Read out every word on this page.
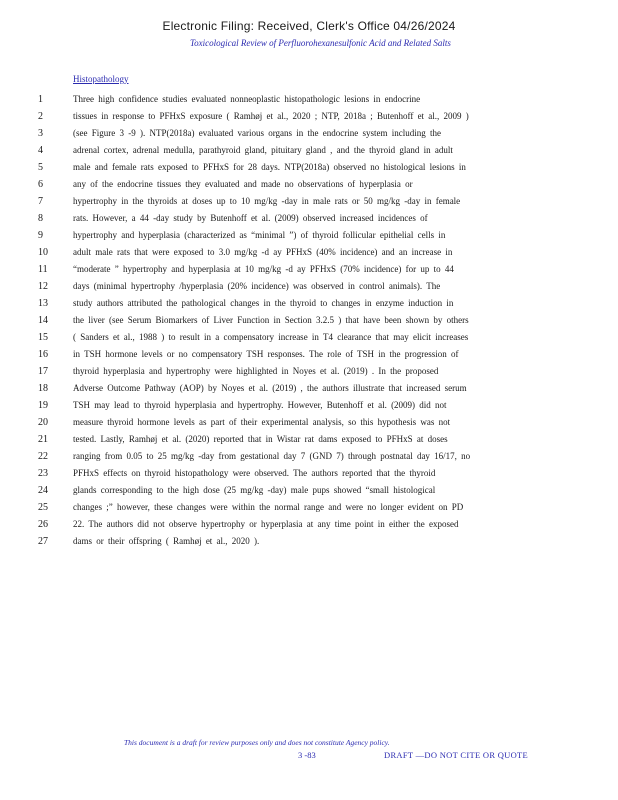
Electronic Filing: Received, Clerk's Office 04/26/2024
Toxicological Review of Perfluorohexanesulfonic Acid and Related Salts
Histopathology
1	Three high confidence studies evaluated nonneoplastic histopathologic lesions in endocrine
2	tissues in response to PFHxS exposure ( Ramhøj et al., 2020 ; NTP, 2018a ; Butenhoff et al., 2009 )
3	(see Figure 3 -9 ). NTP(2018a) evaluated various organs in the endocrine system including the
4	adrenal cortex, adrenal medulla, parathyroid gland, pituitary gland , and the thyroid gland in adult
5	male and female rats exposed to PFHxS for 28 days. NTP(2018a) observed no histological lesions in
6	any of the endocrine tissues they evaluated and made no observations of hyperplasia or
7	hypertrophy in the thyroids at doses up to 10 mg/kg -day in male rats or 50 mg/kg -day in female
8	rats. However, a 44 -day study by Butenhoff et al. (2009) observed increased incidences of
9	hypertrophy and hyperplasia (characterized as “minimal ”) of thyroid follicular epithelial cells in
10	adult male rats that were exposed to 3.0 mg/kg -d ay PFHxS (40% incidence) and an increase in
11	“moderate ” hypertrophy and hyperplasia at 10 mg/kg -d ay PFHxS (70% incidence) for up to 44
12	days (minimal hypertrophy /hyperplasia (20% incidence) was observed in control animals). The
13	study authors attributed the pathological changes in the thyroid to changes in enzyme induction in
14	the liver (see Serum Biomarkers of Liver Function in Section 3.2.5 ) that have been shown by others
15	( Sanders et al., 1988 ) to result in a compensatory increase in T4 clearance that may elicit increases
16	in TSH hormone levels or no compensatory TSH responses. The role of TSH in the progression of
17	thyroid hyperplasia and hypertrophy were highlighted in Noyes et al. (2019) . In the proposed
18	Adverse Outcome Pathway (AOP) by Noyes et al. (2019) , the authors illustrate that increased serum
19	TSH may lead to thyroid hyperplasia and hypertrophy. However, Butenhoff et al. (2009) did not
20	measure thyroid hormone levels as part of their experimental analysis, so this hypothesis was not
21	tested. Lastly, Ramhøj et al. (2020) reported that in Wistar rat dams exposed to PFHxS at doses
22	ranging from 0.05 to 25 mg/kg -day from gestational day 7 (GND 7) through postnatal day 16/17, no
23	PFHxS effects on thyroid histopathology were observed. The authors reported that the thyroid
24	glands corresponding to the high dose (25 mg/kg -day) male pups showed “small histological
25	changes ;” however, these changes were within the normal range and were no longer evident on PD
26	22. The authors did not observe hypertrophy or hyperplasia at any time point in either the exposed
27	dams or their offspring ( Ramhøj et al., 2020 ).
This document is a draft for review purposes only and does not constitute Agency policy.
3 -83	DRAFT —DO NOT CITE OR QUOTE
